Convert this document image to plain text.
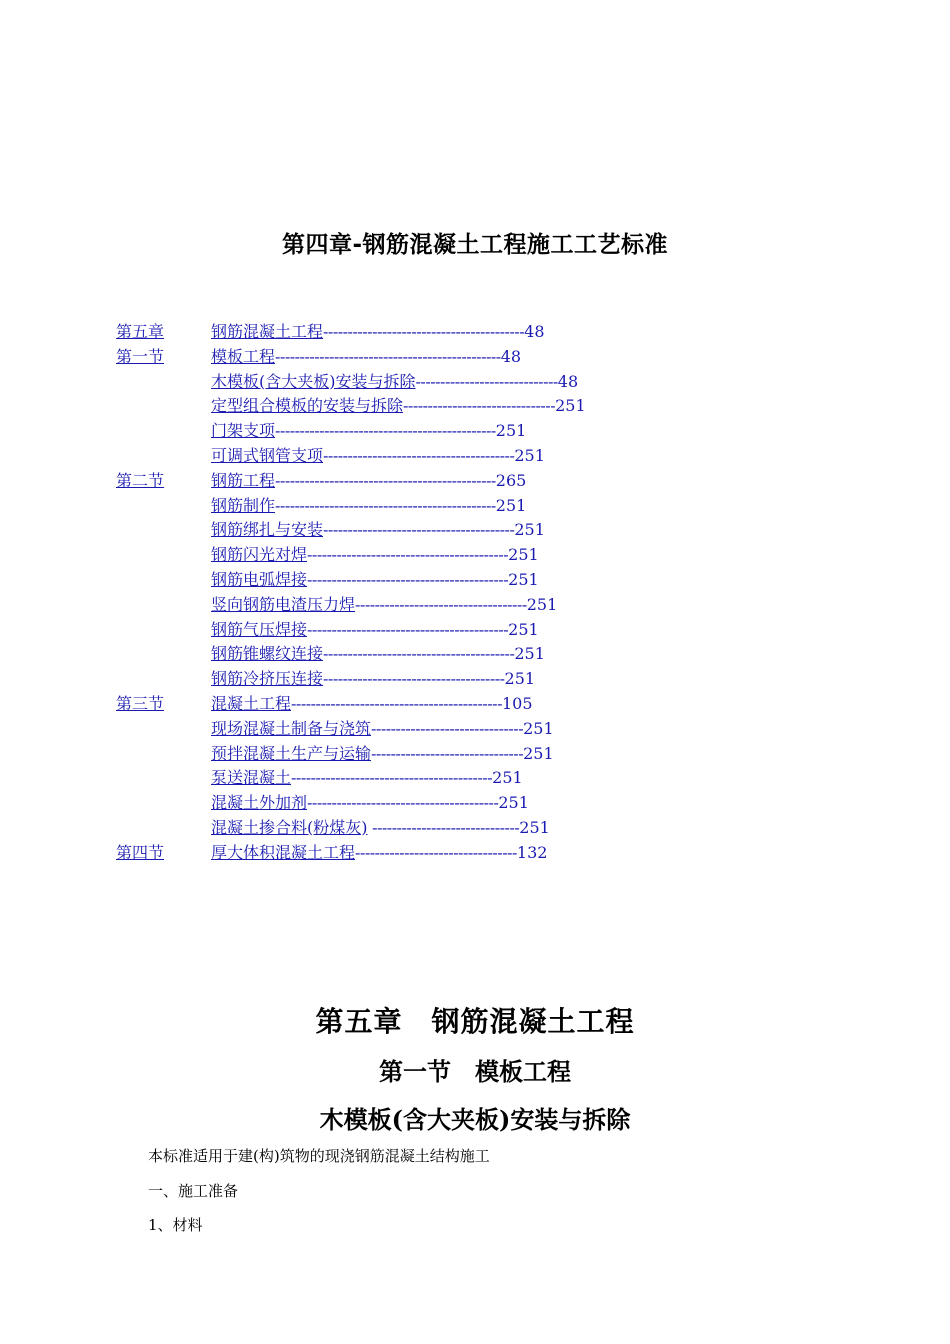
第四章-钢筋混凝土工程施工工艺标准
第五章	钢筋混凝土工程-----------------------------------------48
第一节	模板工程----------------------------------------------48
木模板(含大夹板)安装与拆除-----------------------------48
定型组合模板的安装与拆除-------------------------------251
门架支项---------------------------------------------251
可调式钢管支项---------------------------------------251
第二节	钢筋工程---------------------------------------------265
钢筋制作---------------------------------------------251
钢筋绑扎与安装---------------------------------------251
钢筋闪光对焊-----------------------------------------251
钢筋电弧焊接-----------------------------------------251
竖向钢筋电渣压力焊-----------------------------------251
钢筋气压焊接-----------------------------------------251
钢筋锥螺纹连接---------------------------------------251
钢筋冷挤压连接-------------------------------------251
第三节	混凝土工程-------------------------------------------105
现场混凝土制备与浇筑-------------------------------251
预拌混凝土生产与运输-------------------------------251
泵送混凝土-----------------------------------------251
混凝土外加剂---------------------------------------251
混凝土掺合料(粉煤灰) ------------------------------251
第四节	厚大体积混凝土工程---------------------------------132
第五章　钢筋混凝土工程
第一节　模板工程
木模板(含大夹板)安装与拆除
本标准适用于建(构)筑物的现浇钢筋混凝土结构施工
一、施工准备
1、材料
